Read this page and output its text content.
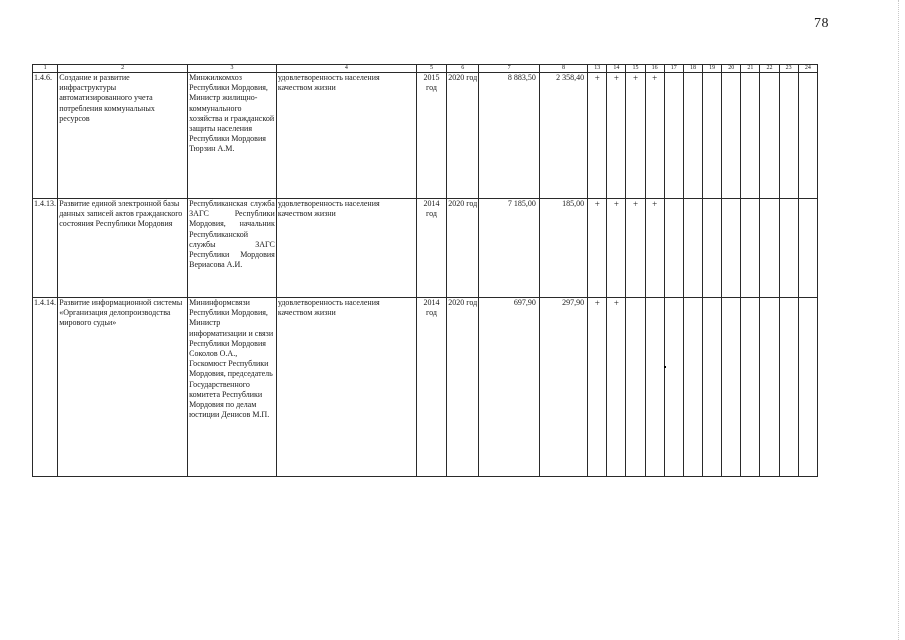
78
1	2	3	4	5	6	7	8	13	14	15	16	17	18	19	20	21	22	23	24
1.4.6.	Создание и развитие инфраструктуры автоматизированного учета потребления коммунальных ресурсов	Минжилкомхоз Республики Мордовия, Министр жилищно-коммунального хозяйства и гражданской защиты населения Республики Мордовия Тюрзин А.М.	удовлетворенность населения качеством жизни	2015 год	2020 год	8 883,50	2 358,40	+	+	+	+								
1.4.13.	Развитие единой электронной базы данных записей актов гражданского состояния Республики Мордовия	Республиканская служба ЗАГС Республики Мордовия, начальник Республиканской службы ЗАГС Республики Мордовия Вериасова А.И.	удовлетворенность населения качеством жизни	2014 год	2020 год	7 185,00	185,00	+	+	+	+								
1.4.14.	Развитие информационной системы «Организация делопроизводства мирового судьи»	Mининформсвязи Республики Мордовия, Министр информатизации и связи Республики Мордовия Соколов О.А., Госкомюст Республики Мордовия, председатель Государственного комитета Республики Мордовия по делам юстиции Денисов М.П.	удовлетворенность населения качеством жизни	2014 год	2020 год	697,90	297,90	+	+										
